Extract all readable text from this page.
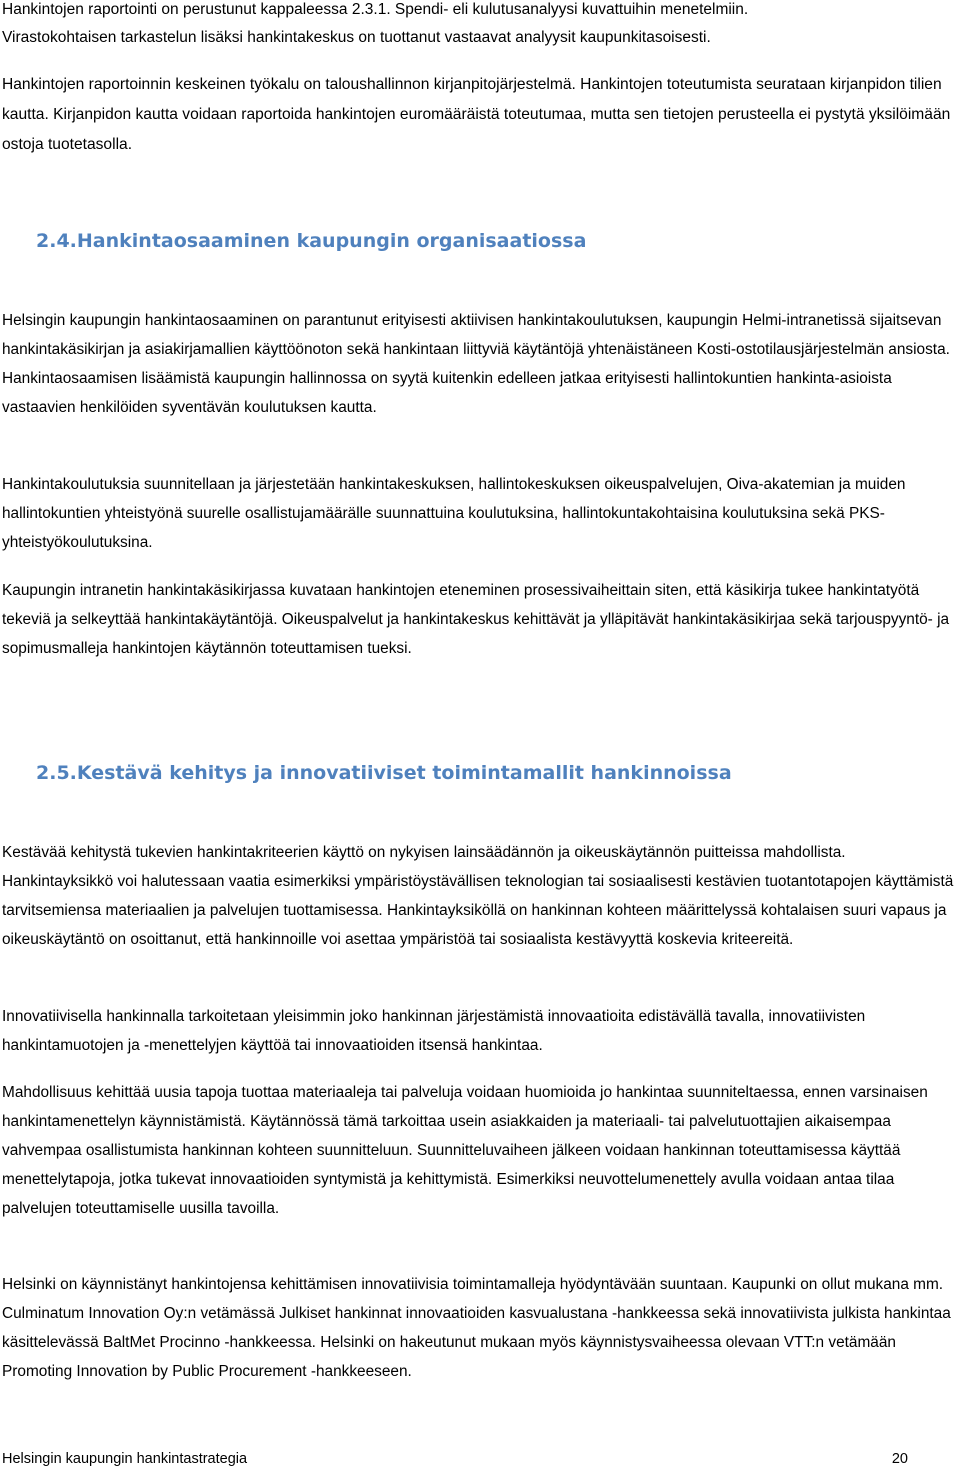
Hankintojen raportointi on perustunut kappaleessa 2.3.1. Spendi- eli kulutusanalyysi kuvattuihin menetelmiin.
Virastokohtaisen tarkastelun lisäksi hankintakeskus on tuottanut vastaavat analyysit kaupunkitasoisesti.

Hankintojen raportoinnin keskeinen työkalu on taloushallinnon kirjanpitojärjestelmä. Hankintojen toteutumista seurataan kirjanpidon tilien kautta. Kirjanpidon kautta voidaan raportoida hankintojen euromääräistä toteutumaa, mutta sen tietojen perusteella ei pystytä yksilöimään ostoja tuotetasolla.

2.4.Hankintaosaaminen kaupungin organisaatiossa

Helsingin kaupungin hankintaosaaminen on parantunut erityisesti aktiivisen hankintakoulutuksen, kaupungin Helmi-intranetissä sijaitsevan hankintakäsikirjan ja asiakirjamallien käyttöönoton sekä hankintaan liittyviä käytäntöjä yhtenäistäneen Kosti-ostotilausjärjestelmän ansiosta. Hankintaosaamisen lisäämistä kaupungin hallinnossa on syytä kuitenkin edelleen jatkaa erityisesti hallintokuntien hankinta-asioista vastaavien henkilöiden syventävän koulutuksen kautta.

Hankintakoulutuksia suunnitellaan ja järjestetään hankintakeskuksen, hallintokeskuksen oikeuspalvelujen, Oiva-akatemian ja muiden hallintokuntien yhteistyönä suurelle osallistujamäärälle suunnattuina koulutuksina, hallintokuntakohtaisina koulutuksina sekä PKS-yhteistyökoulutuksina.

Kaupungin intranetin hankintakäsikirjassa kuvataan hankintojen eteneminen prosessivaiheittain siten, että käsikirja tukee hankintatyötä tekeviä ja selkeyttää hankintakäytäntöjä. Oikeuspalvelut ja hankintakeskus kehittävät ja ylläpitävät hankintakäsikirjaa sekä tarjouspyyntö- ja sopimusmalleja hankintojen käytännön toteuttamisen tueksi.

2.5.Kestävä kehitys ja innovatiiviset toimintamallit hankinnoissa

Kestävää kehitystä tukevien hankintakriteerien käyttö on nykyisen lainsäädännön ja oikeuskäytännön puitteissa mahdollista. Hankintayksikkö voi halutessaan vaatia esimerkiksi ympäristöystävällisen teknologian tai sosiaalisesti kestävien tuotantotapojen käyttämistä tarvitsemiensa materiaalien ja palvelujen tuottamisessa. Hankintayksiköllä on hankinnan kohteen määrittelyssä kohtalaisen suuri vapaus ja oikeuskäytäntö on osoittanut, että hankinnoille voi asettaa ympäristöä tai sosiaalista kestävyyttä koskevia kriteereitä.

Innovatiivisella hankinnalla tarkoitetaan yleisimmin joko hankinnan järjestämistä innovaatioita edistävällä tavalla, innovatiivisten hankintamuotojen ja -menettelyjen käyttöä tai innovaatioiden itsensä hankintaa.

Mahdollisuus kehittää uusia tapoja tuottaa materiaaleja tai palveluja voidaan huomioida jo hankintaa suunniteltaessa, ennen varsinaisen hankintamenettelyn käynnistämistä. Käytännössä tämä tarkoittaa usein asiakkaiden ja materiaali- tai palvelutuottajien aikaisempaa vahvempaa osallistumista hankinnan kohteen suunnitteluun. Suunnitteluvaiheen jälkeen voidaan hankinnan toteuttamisessa käyttää menettelytapoja, jotka tukevat innovaatioiden syntymistä ja kehittymistä. Esimerkiksi neuvottelumenettely avulla voidaan antaa tilaa palvelujen toteuttamiselle uusilla tavoilla.

Helsinki on käynnistänyt hankintojensa kehittämisen innovatiivisia toimintamalleja hyödyntävään suuntaan. Kaupunki on ollut mukana mm. Culminatum Innovation Oy:n vetämässä Julkiset hankinnat innovaatioiden kasvualustana -hankkeessa sekä innovatiivista julkista hankintaa käsittelevässä BaltMet Procinno -hankkeessa. Helsinki on hakeutunut mukaan myös käynnistysvaiheessa olevaan VTT:n vetämään Promoting Innovation by Public Procurement -hankkeeseen.

Helsingin kaupungin hankintastrategia	20
